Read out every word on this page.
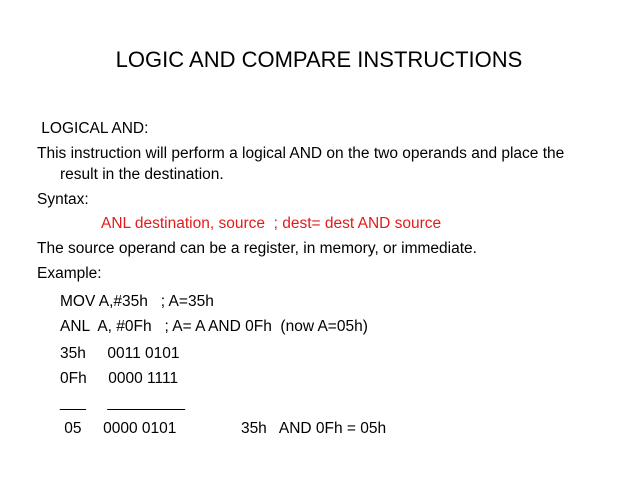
LOGIC AND COMPARE INSTRUCTIONS
LOGICAL AND:
This instruction will perform a logical AND on the two operands and place the
result in the destination.
Syntax:
ANL destination, source  ; dest= dest AND source
The source operand can be a register, in memory, or immediate.
Example:
MOV A,#35h   ; A=35h
ANL  A, #0Fh   ; A= A AND 0Fh  (now A=05h)
35h     0011 0101
0Fh     0000 1111
___     _________
05     0000 0101               35h   AND 0Fh = 05h
